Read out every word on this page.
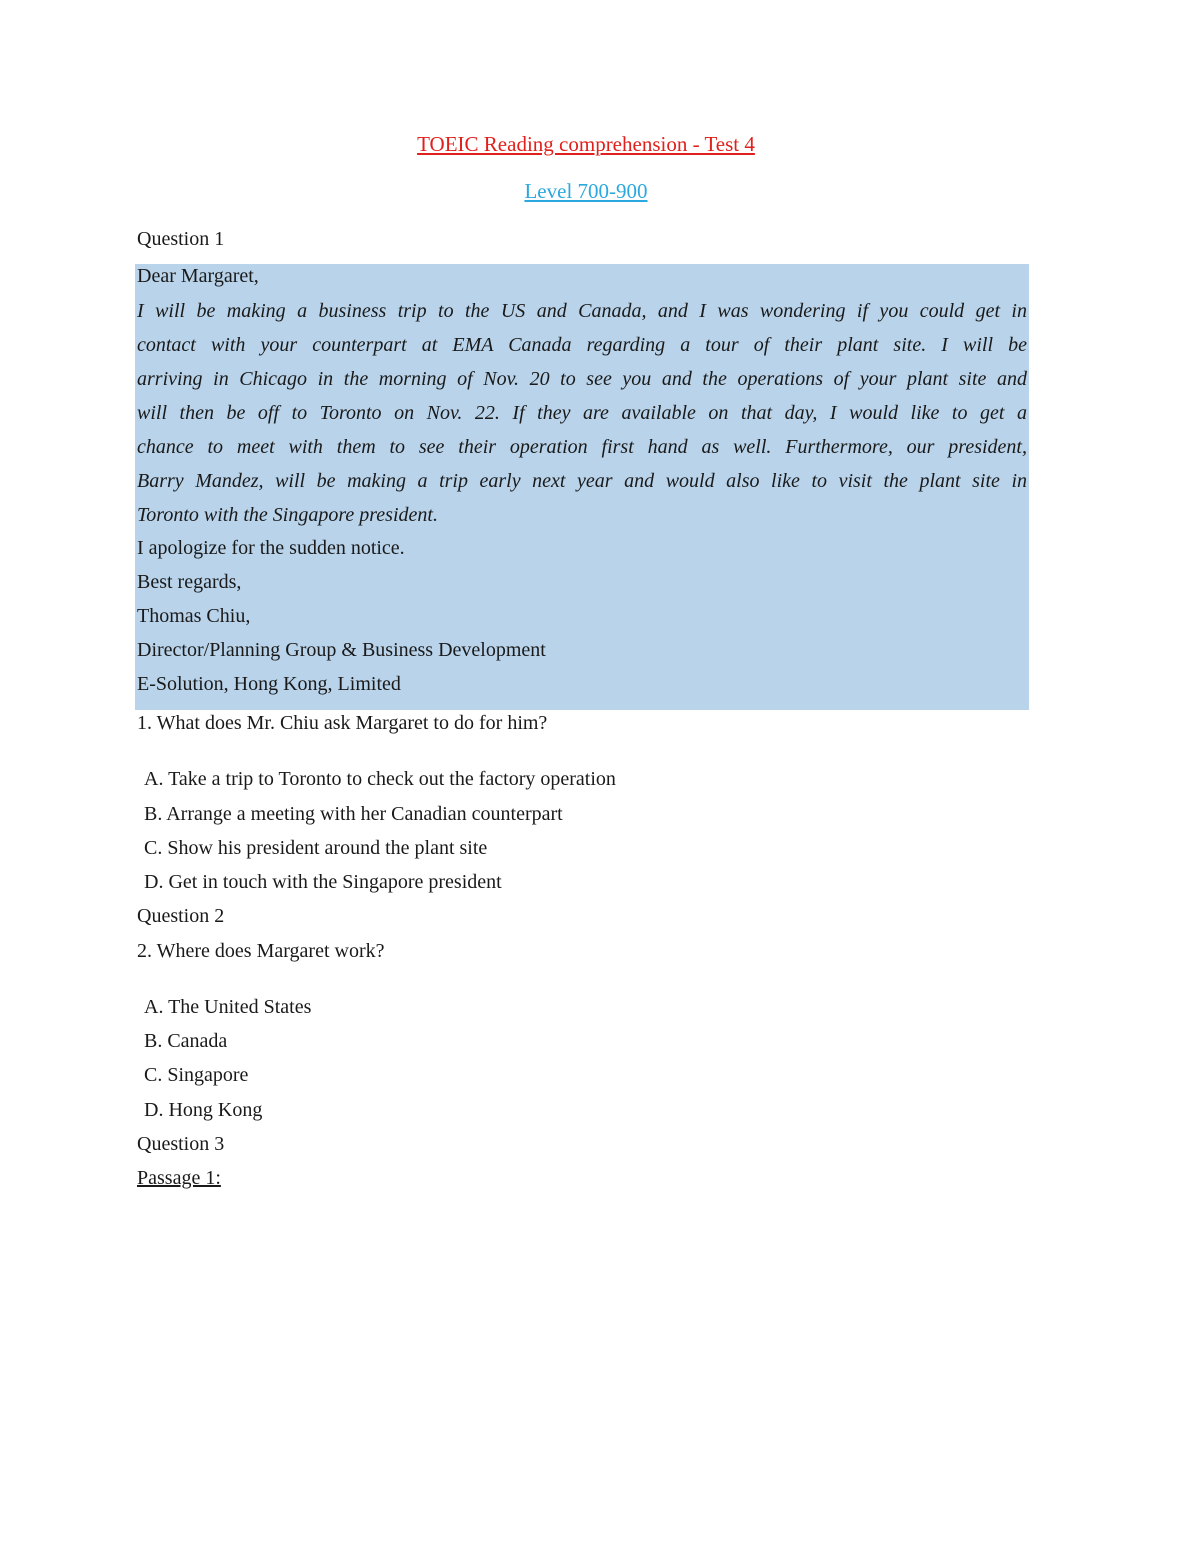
TOEIC Reading comprehension - Test 4
Level 700-900
Question 1
Dear Margaret,
I will be making a business trip to the US and Canada, and I was wondering if you could get in
contact with your counterpart at EMA Canada regarding a tour of their plant site. I will be
arriving in Chicago in the morning of Nov. 20 to see you and the operations of your plant site and
will then be off to Toronto on Nov. 22. If they are available on that day, I would like to get a
chance to meet with them to see their operation first hand as well. Furthermore, our president,
Barry Mandez, will be making a trip early next year and would also like to visit the plant site in
Toronto with the Singapore president.
I apologize for the sudden notice.
Best regards,
Thomas Chiu,
Director/Planning Group & Business Development
E-Solution, Hong Kong, Limited
1. What does Mr. Chiu ask Margaret to do for him?
A. Take a trip to Toronto to check out the factory operation
B. Arrange a meeting with her Canadian counterpart
C. Show his president around the plant site
D. Get in touch with the Singapore president
Question 2
2. Where does Margaret work?
A. The United States
B. Canada
C. Singapore
D. Hong Kong
Question 3
Passage 1:
